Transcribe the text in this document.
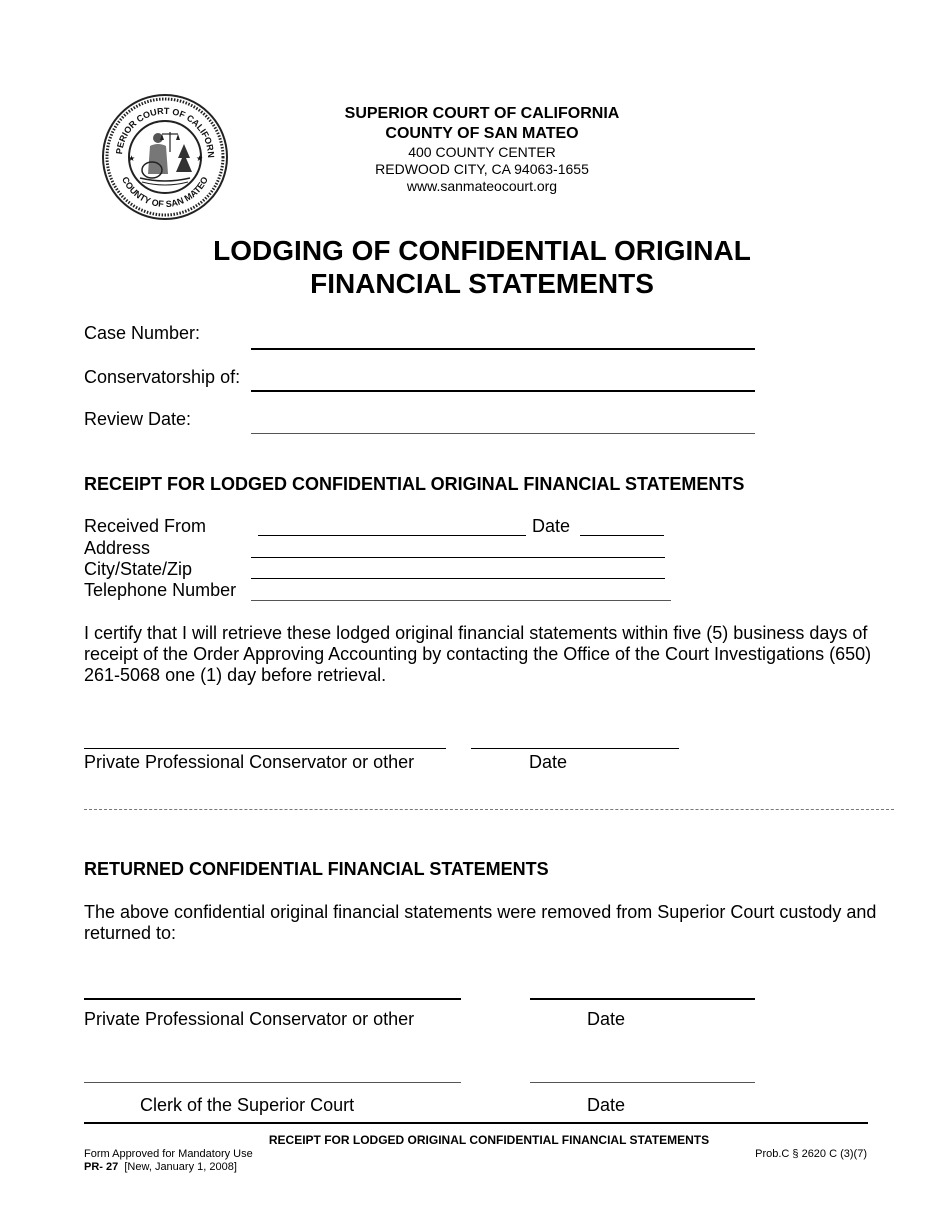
PERIOR COURT OF CALIFORN
COUNTY OF SAN MATEO
★	★
SUPERIOR COURT OF CALIFORNIA
COUNTY OF SAN MATEO
400 COUNTY CENTER
REDWOOD CITY, CA 94063-1655
www.sanmateocourt.org
LODGING OF CONFIDENTIAL ORIGINAL
FINANCIAL STATEMENTS
Case Number:
Conservatorship of:
Review Date:
RECEIPT FOR LODGED CONFIDENTIAL ORIGINAL FINANCIAL STATEMENTS
Received From	Date
Address
City/State/Zip
Telephone Number
I certify that I will retrieve these lodged original financial statements within five (5) business days of receipt of the Order Approving Accounting by contacting the Office of the Court Investigations (650) 261-5068 one (1) day before retrieval.
Private Professional Conservator or other	Date
RETURNED CONFIDENTIAL FINANCIAL STATEMENTS
The above confidential original financial statements were removed from Superior Court custody and returned to:
Private Professional Conservator or other	Date
Clerk of the Superior Court	Date
RECEIPT FOR LODGED ORIGINAL CONFIDENTIAL FINANCIAL STATEMENTS
Form Approved for Mandatory Use
PR- 27 [New, January 1, 2008]
Prob.C § 2620 C (3)(7)
